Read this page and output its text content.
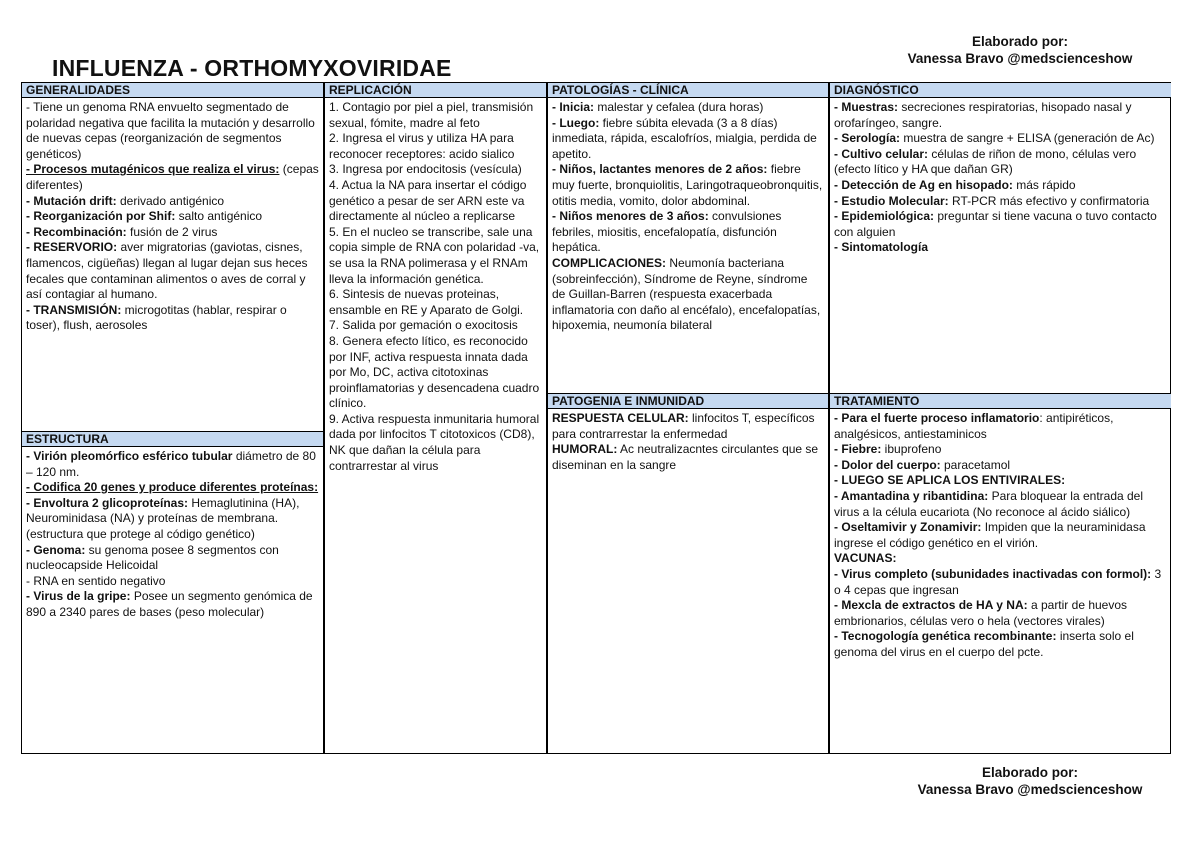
Elaborado por:
Vanessa Bravo @medscienceshow
INFLUENZA - ORTHOMYXOVIRIDAE
GENERALIDADES

- Tiene un genoma RNA envuelto segmentado de polaridad negativa que facilita la mutación y desarrollo de nuevas cepas (reorganización de segmentos genéticos)

- Procesos mutagénicos que realiza el virus: (cepas diferentes)

- Mutación drift: derivado antigénico

- Reorganización por Shif: salto antigénico

- Recombinación: fusión de 2 virus

- RESERVORIO: aver migratorias (gaviotas, cisnes, flamencos, cigüeñas) llegan al lugar dejan sus heces fecales que contaminan alimentos o aves de corral y así contagiar al humano.

- TRANSMISIÓN: microgotitas (hablar, respirar o toser), flush, aerosoles

ESTRUCTURA

- Virión pleomórfico esférico tubular diámetro de 80 – 120 nm.

- Codifica 20 genes y produce diferentes proteínas:

- Envoltura 2 glicoproteínas: Hemaglutinina (HA), Neurominidasa (NA) y proteínas de membrana. (estructura que protege al código genético)

- Genoma: su genoma posee 8 segmentos con nucleocapside Helicoidal

- RNA en sentido negativo

- Virus de la gripe: Posee un segmento genómica de 890 a 2340 pares de bases (peso molecular)

REPLICACIÓN

1. Contagio por piel a piel, transmisión sexual, fómite, madre al feto

2. Ingresa el virus y utiliza HA para reconocer receptores: acido sialico

3. Ingresa por endocitosis (vesícula)

4. Actua la NA para insertar el código genético a pesar de ser ARN este va directamente al núcleo a replicarse

5. En el nucleo se transcribe, sale una copia simple de RNA con polaridad -va, se usa la RNA polimerasa y el RNAm lleva la información genética.

6. Sintesis de nuevas proteinas, ensamble en RE y Aparato de Golgi.

7. Salida por gemación o exocitosis

8. Genera efecto lítico, es reconocido por INF, activa respuesta innata dada por Mo, DC, activa citotoxinas proinflamatorias y desencadena cuadro clínico.

9. Activa respuesta inmunitaria humoral dada por linfocitos T citotoxicos (CD8), NK que dañan la célula para contrarrestar al virus

PATOLOGÍAS - CLÍNICA

- Inicia: malestar y cefalea (dura horas)

- Luego: fiebre súbita elevada (3 a 8 días) inmediata, rápida, escalofríos, mialgia, perdida de apetito.

- Niños, lactantes menores de 2 años: fiebre muy fuerte, bronquiolitis, Laringotraqueobronquitis, otitis media, vomito, dolor abdominal.

- Niños menores de 3 años: convulsiones febriles, miositis, encefalopatía, disfunción hepática.

COMPLICACIONES: Neumonía bacteriana (sobreinfección), Síndrome de Reyne, síndrome de Guillan-Barren (respuesta exacerbada inflamatoria con daño al encéfalo), encefalopatías, hipoxemia, neumonía bilateral

PATOGENIA E INMUNIDAD

RESPUESTA CELULAR: linfocitos T, específicos para contrarrestar la enfermedad

HUMORAL: Ac neutralizacntes circulantes que se diseminan en la sangre

DIAGNÓSTICO

- Muestras: secreciones respiratorias, hisopado nasal y orofaríngeo, sangre.

- Serología: muestra de sangre + ELISA (generación de Ac)

- Cultivo celular: células de riñon de mono, células vero (efecto lítico y HA que dañan GR)

- Detección de Ag en hisopado: más rápido

- Estudio Molecular: RT-PCR más efectivo y confirmatoria

- Epidemiológica: preguntar si tiene vacuna o tuvo contacto con alguien

- Sintomatología

TRATAMIENTO

- Para el fuerte proceso inflamatorio: antipiréticos, analgésicos, antiestaminicos

- Fiebre: ibuprofeno

- Dolor del cuerpo: paracetamol

- LUEGO SE APLICA LOS ENTIVIRALES:

- Amantadina y ribantidina: Para bloquear la entrada del virus a la célula eucariota (No reconoce al ácido siálico)

- Oseltamivir y Zonamivir: Impiden que la neuraminidasa ingrese el código genético en el virión.

VACUNAS:

- Virus completo (subunidades inactivadas con formol): 3 o 4 cepas que ingresan

- Mexcla de extractos de HA y NA: a partir de huevos embrionarios, células vero o hela (vectores virales)

- Tecnogología genética recombinante: inserta solo el genoma del virus en el cuerpo del pcte.

Elaborado por:
Vanessa Bravo @medscienceshow
